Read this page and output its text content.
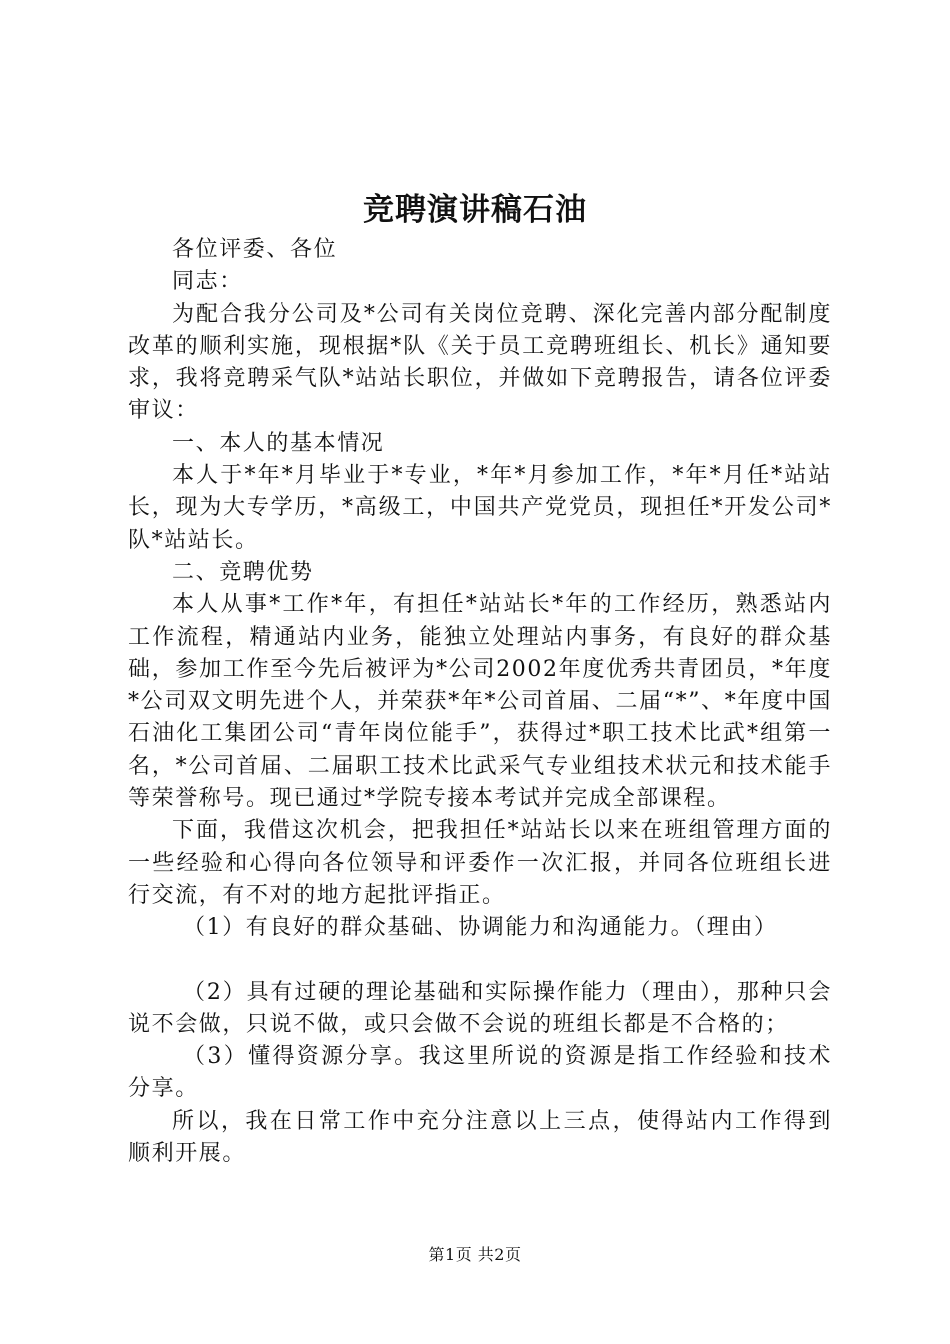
竞聘演讲稿石油

各位评委、各位

同志：

为配合我分公司及*公司有关岗位竞聘、深化完善内部分配制度改革的顺利实施，现根据*队《关于员工竞聘班组长、机长》通知要求，我将竞聘采气队*站站长职位，并做如下竞聘报告，请各位评委审议：

一、本人的基本情况

本人于*年*月毕业于*专业，*年*月参加工作，*年*月任*站站长，现为大专学历，*高级工，中国共产党党员，现担任*开发公司*队*站站长。

二、竞聘优势

本人从事*工作*年，有担任*站站长*年的工作经历，熟悉站内工作流程，精通站内业务，能独立处理站内事务，有良好的群众基础，参加工作至今先后被评为*公司2002年度优秀共青团员，*年度*公司双文明先进个人，并荣获*年*公司首届、二届“*”、*年度中国石油化工集团公司“青年岗位能手”，获得过*职工技术比武*组第一名，*公司首届、二届职工技术比武采气专业组技术状元和技术能手等荣誉称号。现已通过*学院专接本考试并完成全部课程。

下面，我借这次机会，把我担任*站站长以来在班组管理方面的一些经验和心得向各位领导和评委作一次汇报，并同各位班组长进行交流，有不对的地方起批评指正。

（1）有良好的群众基础、协调能力和沟通能力。（理由）

（2）具有过硬的理论基础和实际操作能力（理由），那种只会说不会做，只说不做，或只会做不会说的班组长都是不合格的；

（3）懂得资源分享。我这里所说的资源是指工作经验和技术分享。

所以，我在日常工作中充分注意以上三点，使得站内工作得到顺利开展。

第1页 共2页
